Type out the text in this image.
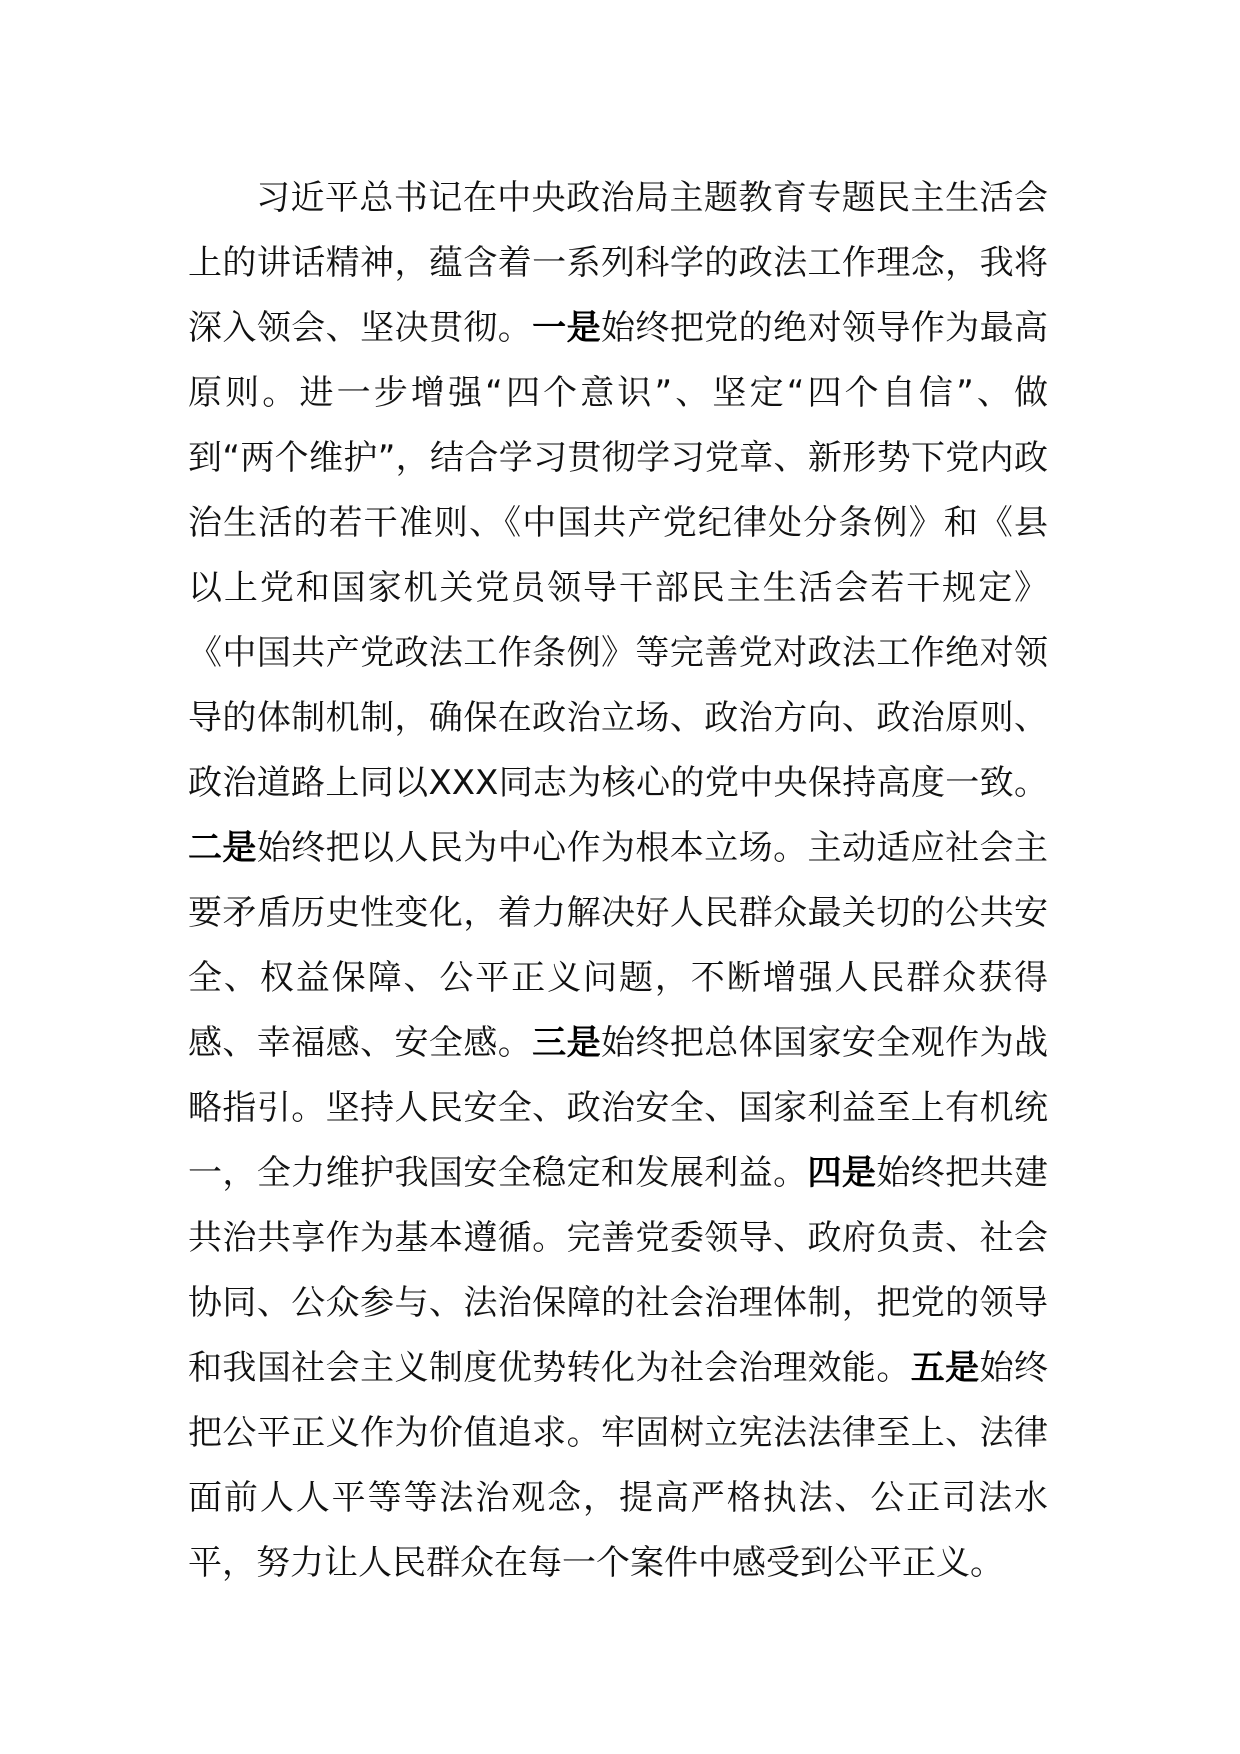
习近平总书记在中央政治局主题教育专题民主生活会上的讲话精神，蕴含着一系列科学的政法工作理念，我将深入领会、坚决贯彻。一是始终把党的绝对领导作为最高原则。进一步增强“四个意识”、坚定“四个自信”、做到“两个维护”，结合学习贯彻学习党章、新形势下党内政治生活的若干准则、《中国共产党纪律处分条例》和《县以上党和国家机关党员领导干部民主生活会若干规定》《中国共产党政法工作条例》等完善党对政法工作绝对领导的体制机制，确保在政治立场、政治方向、政治原则、政治道路上同以XXX同志为核心的党中央保持高度一致。二是始终把以人民为中心作为根本立场。主动适应社会主要矛盾历史性变化，着力解决好人民群众最关切的公共安全、权益保障、公平正义问题，不断增强人民群众获得感、幸福感、安全感。三是始终把总体国家安全观作为战略指引。坚持人民安全、政治安全、国家利益至上有机统一，全力维护我国安全稳定和发展利益。四是始终把共建共治共享作为基本遵循。完善党委领导、政府负责、社会协同、公众参与、法治保障的社会治理体制，把党的领导和我国社会主义制度优势转化为社会治理效能。五是始终把公平正义作为价值追求。牢固树立宪法法律至上、法律面前人人平等等法治观念，提高严格执法、公正司法水平，努力让人民群众在每一个案件中感受到公平正义。
